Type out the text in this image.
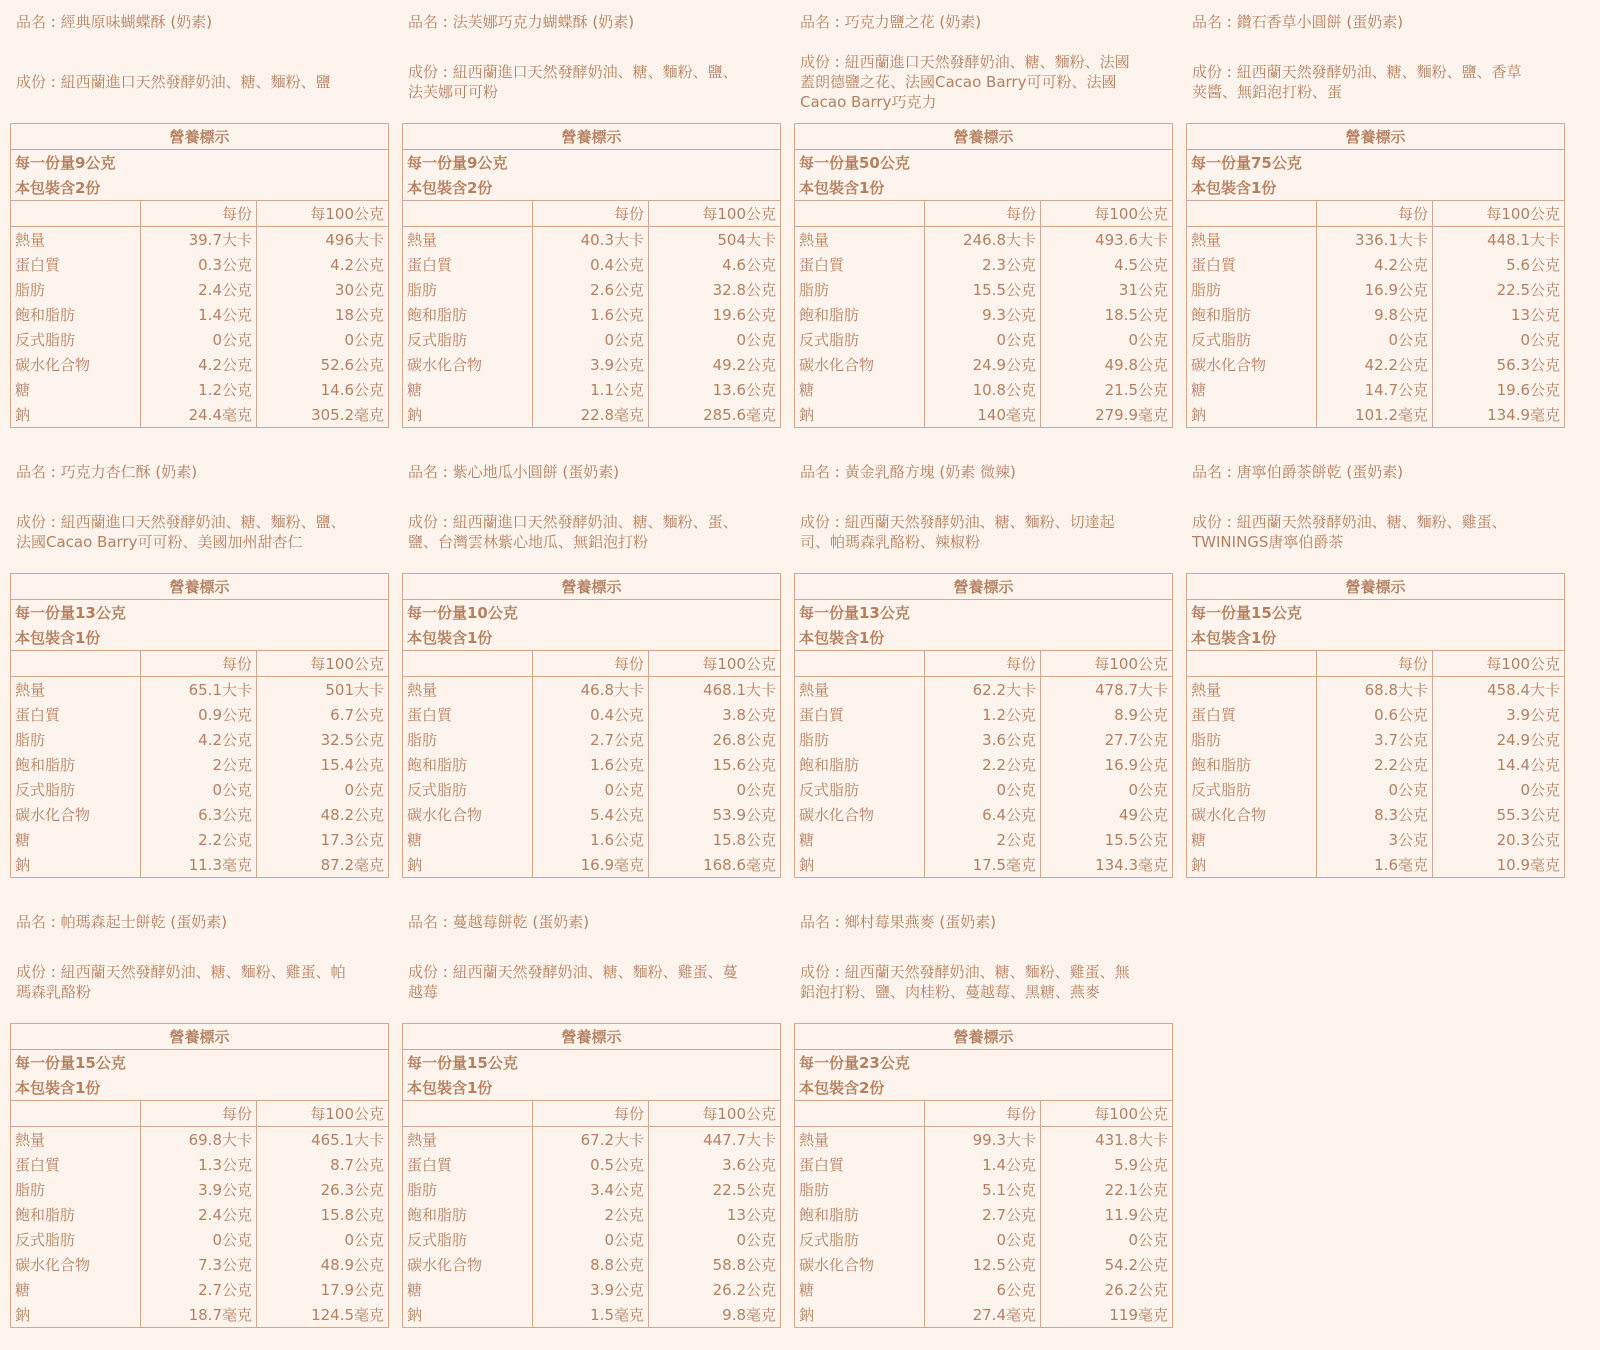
品名 : 經典原味蝴蝶酥 (奶素)
成份 : 紐西蘭進口天然發酵奶油、糖、麵粉、鹽
營養標示		
每一份量9公克		
本包裝含2份		
	每份	每100公克
熱量	39.7大卡	496大卡
蛋白質	0.3公克	4.2公克
脂肪	2.4公克	30公克
飽和脂肪	1.4公克	18公克
反式脂肪	0公克	0公克
碳水化合物	4.2公克	52.6公克
糖	1.2公克	14.6公克
鈉	24.4毫克	305.2毫克
品名 : 法芙娜巧克力蝴蝶酥 (奶素)
成份 : 紐西蘭進口天然發酵奶油、糖、麵粉、鹽、
法芙娜可可粉
營養標示		
每一份量9公克		
本包裝含2份		
	每份	每100公克
熱量	40.3大卡	504大卡
蛋白質	0.4公克	4.6公克
脂肪	2.6公克	32.8公克
飽和脂肪	1.6公克	19.6公克
反式脂肪	0公克	0公克
碳水化合物	3.9公克	49.2公克
糖	1.1公克	13.6公克
鈉	22.8毫克	285.6毫克
品名 : 巧克力鹽之花 (奶素)
成份 : 紐西蘭進口天然發酵奶油、糖、麵粉、法國
蓋朗德鹽之花、法國Cacao Barry可可粉、法國
Cacao Barry巧克力
營養標示		
每一份量50公克		
本包裝含1份		
	每份	每100公克
熱量	246.8大卡	493.6大卡
蛋白質	2.3公克	4.5公克
脂肪	15.5公克	31公克
飽和脂肪	9.3公克	18.5公克
反式脂肪	0公克	0公克
碳水化合物	24.9公克	49.8公克
糖	10.8公克	21.5公克
鈉	140毫克	279.9毫克
品名 : 鑽石香草小圓餅 (蛋奶素)
成份 : 紐西蘭天然發酵奶油、糖、麵粉、鹽、香草
莢醬、無鋁泡打粉、蛋
營養標示		
每一份量75公克		
本包裝含1份		
	每份	每100公克
熱量	336.1大卡	448.1大卡
蛋白質	4.2公克	5.6公克
脂肪	16.9公克	22.5公克
飽和脂肪	9.8公克	13公克
反式脂肪	0公克	0公克
碳水化合物	42.2公克	56.3公克
糖	14.7公克	19.6公克
鈉	101.2毫克	134.9毫克
品名 : 巧克力杏仁酥 (奶素)
成份 : 紐西蘭進口天然發酵奶油、糖、麵粉、鹽、
法國Cacao Barry可可粉、美國加州甜杏仁
營養標示		
每一份量13公克		
本包裝含1份		
	每份	每100公克
熱量	65.1大卡	501大卡
蛋白質	0.9公克	6.7公克
脂肪	4.2公克	32.5公克
飽和脂肪	2公克	15.4公克
反式脂肪	0公克	0公克
碳水化合物	6.3公克	48.2公克
糖	2.2公克	17.3公克
鈉	11.3毫克	87.2毫克
品名 : 紫心地瓜小圓餅 (蛋奶素)
成份 : 紐西蘭進口天然發酵奶油、糖、麵粉、蛋、
鹽、台灣雲林紫心地瓜、無鋁泡打粉
營養標示		
每一份量10公克		
本包裝含1份		
	每份	每100公克
熱量	46.8大卡	468.1大卡
蛋白質	0.4公克	3.8公克
脂肪	2.7公克	26.8公克
飽和脂肪	1.6公克	15.6公克
反式脂肪	0公克	0公克
碳水化合物	5.4公克	53.9公克
糖	1.6公克	15.8公克
鈉	16.9毫克	168.6毫克
品名 : 黃金乳酪方塊 (奶素 微辣)
成份 : 紐西蘭天然發酵奶油、糖、麵粉、切達起
司、帕瑪森乳酪粉、辣椒粉
營養標示		
每一份量13公克		
本包裝含1份		
	每份	每100公克
熱量	62.2大卡	478.7大卡
蛋白質	1.2公克	8.9公克
脂肪	3.6公克	27.7公克
飽和脂肪	2.2公克	16.9公克
反式脂肪	0公克	0公克
碳水化合物	6.4公克	49公克
糖	2公克	15.5公克
鈉	17.5毫克	134.3毫克
品名 : 唐寧伯爵茶餅乾 (蛋奶素)
成份 : 紐西蘭天然發酵奶油、糖、麵粉、雞蛋、
TWININGS唐寧伯爵茶
營養標示		
每一份量15公克		
本包裝含1份		
	每份	每100公克
熱量	68.8大卡	458.4大卡
蛋白質	0.6公克	3.9公克
脂肪	3.7公克	24.9公克
飽和脂肪	2.2公克	14.4公克
反式脂肪	0公克	0公克
碳水化合物	8.3公克	55.3公克
糖	3公克	20.3公克
鈉	1.6毫克	10.9毫克
品名 : 帕瑪森起士餅乾 (蛋奶素)
成份 : 紐西蘭天然發酵奶油、糖、麵粉、雞蛋、帕
瑪森乳酪粉
營養標示		
每一份量15公克		
本包裝含1份		
	每份	每100公克
熱量	69.8大卡	465.1大卡
蛋白質	1.3公克	8.7公克
脂肪	3.9公克	26.3公克
飽和脂肪	2.4公克	15.8公克
反式脂肪	0公克	0公克
碳水化合物	7.3公克	48.9公克
糖	2.7公克	17.9公克
鈉	18.7毫克	124.5毫克
品名 : 蔓越莓餅乾 (蛋奶素)
成份 : 紐西蘭天然發酵奶油、糖、麵粉、雞蛋、蔓
越莓
營養標示		
每一份量15公克		
本包裝含1份		
	每份	每100公克
熱量	67.2大卡	447.7大卡
蛋白質	0.5公克	3.6公克
脂肪	3.4公克	22.5公克
飽和脂肪	2公克	13公克
反式脂肪	0公克	0公克
碳水化合物	8.8公克	58.8公克
糖	3.9公克	26.2公克
鈉	1.5毫克	9.8毫克
品名 : 鄉村莓果燕麥 (蛋奶素)
成份 : 紐西蘭天然發酵奶油、糖、麵粉、雞蛋、無
鋁泡打粉、鹽、肉桂粉、蔓越莓、黑糖、燕麥
營養標示		
每一份量23公克		
本包裝含2份		
	每份	每100公克
熱量	99.3大卡	431.8大卡
蛋白質	1.4公克	5.9公克
脂肪	5.1公克	22.1公克
飽和脂肪	2.7公克	11.9公克
反式脂肪	0公克	0公克
碳水化合物	12.5公克	54.2公克
糖	6公克	26.2公克
鈉	27.4毫克	119毫克
